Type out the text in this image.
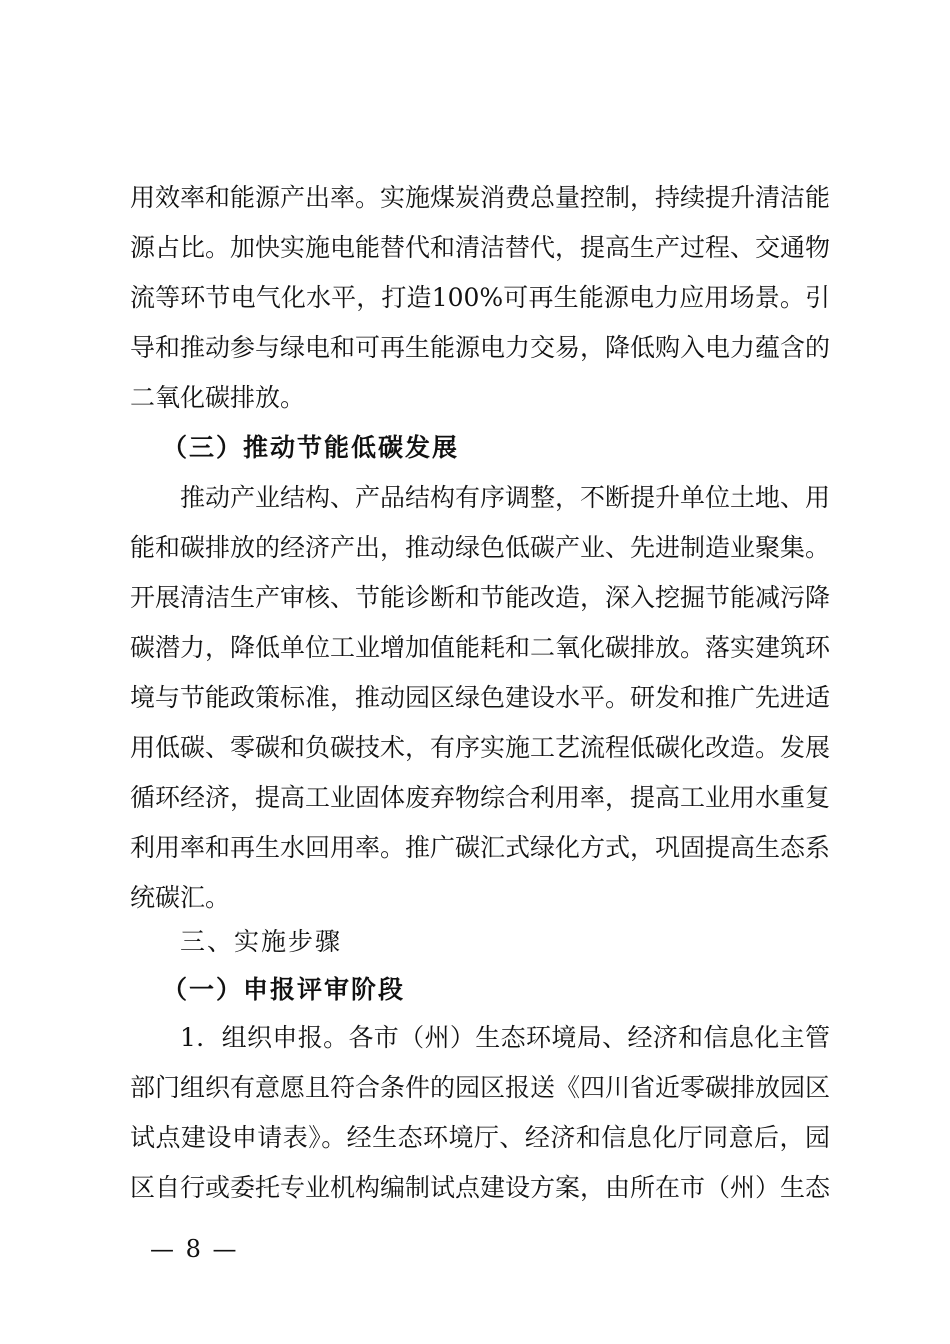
用效率和能源产出率。实施煤炭消费总量控制，持续提升清洁能
源占比。加快实施电能替代和清洁替代，提高生产过程、交通物
流等环节电气化水平，打造100%可再生能源电力应用场景。引
导和推动参与绿电和可再生能源电力交易，降低购入电力蕴含的
二氧化碳排放。
（三）推动节能低碳发展
推动产业结构、产品结构有序调整，不断提升单位土地、用
能和碳排放的经济产出，推动绿色低碳产业、先进制造业聚集。
开展清洁生产审核、节能诊断和节能改造，深入挖掘节能减污降
碳潜力，降低单位工业增加值能耗和二氧化碳排放。落实建筑环
境与节能政策标准，推动园区绿色建设水平。研发和推广先进适
用低碳、零碳和负碳技术，有序实施工艺流程低碳化改造。发展
循环经济，提高工业固体废弃物综合利用率，提高工业用水重复
利用率和再生水回用率。推广碳汇式绿化方式，巩固提高生态系
统碳汇。
三、实施步骤
（一）申报评审阶段
1．组织申报。各市（州）生态环境局、经济和信息化主管
部门组织有意愿且符合条件的园区报送《四川省近零碳排放园区
试点建设申请表》。经生态环境厅、经济和信息化厅同意后，园
区自行或委托专业机构编制试点建设方案，由所在市（州）生态
— 8 —
